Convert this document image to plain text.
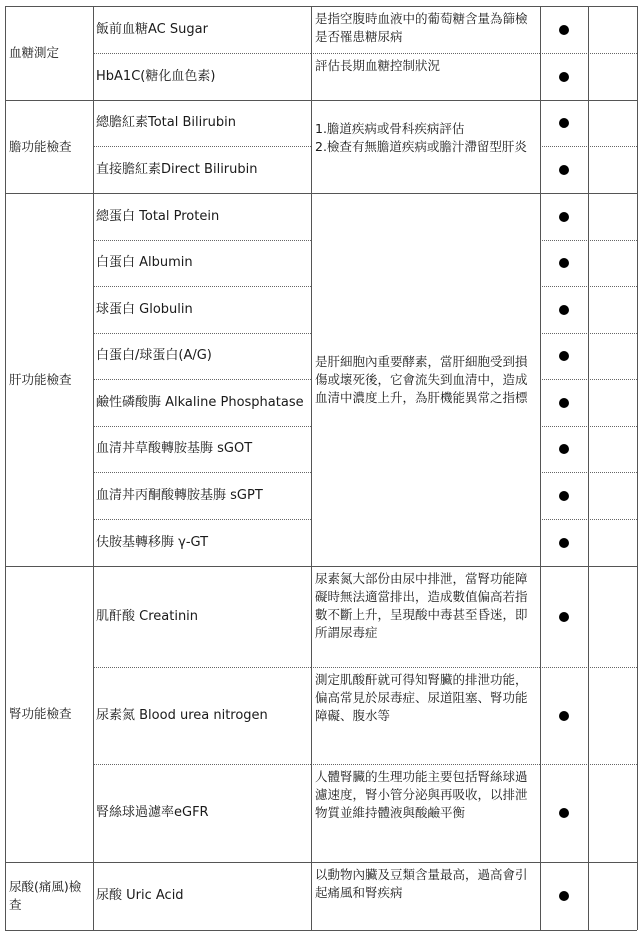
血糖測定
飯前血糖AC Sugar
是指空腹時血液中的葡萄糖含量為篩檢是否罹患糖尿病
HbA1C(糖化血色素)
評估長期血糖控制狀況
膽功能檢查
1.膽道疾病或骨科疾病評估
2.檢查有無膽道疾病或膽汁滯留型肝炎
總膽紅素Total Bilirubin
直接膽紅素Direct Bilirubin
肝功能檢查
是肝細胞內重要酵素，當肝細胞受到損傷或壞死後，它會流失到血清中，造成血清中濃度上升，為肝機能異常之指標
總蛋白 Total Protein
白蛋白 Albumin
球蛋白 Globulin
白蛋白/球蛋白(A/G)
鹼性磷酸脢 Alkaline Phosphatase
血清丼草酸轉胺基脢 sGOT
血清丼丙酮酸轉胺基脢 sGPT
伕胺基轉移脢 γ-GT
腎功能檢查
肌酐酸 Creatinin
尿素氮大部份由尿中排泄，當腎功能障礙時無法適當排出，造成數值偏高若指數不斷上升，呈現酸中毒甚至昏迷，即所謂尿毒症
尿素氮 Blood urea nitrogen
測定肌酸酐就可得知腎臟的排泄功能，偏高常見於尿毒症、尿道阻塞、腎功能障礙、腹水等
腎絲球過濾率eGFR
人體腎臟的生理功能主要包括腎絲球過濾速度，腎小管分泌與再吸收，以排泄物質並維持體液與酸鹼平衡
尿酸(痛風)檢查
尿酸 Uric Acid
以動物內臟及豆類含量最高，過高會引起痛風和腎疾病
